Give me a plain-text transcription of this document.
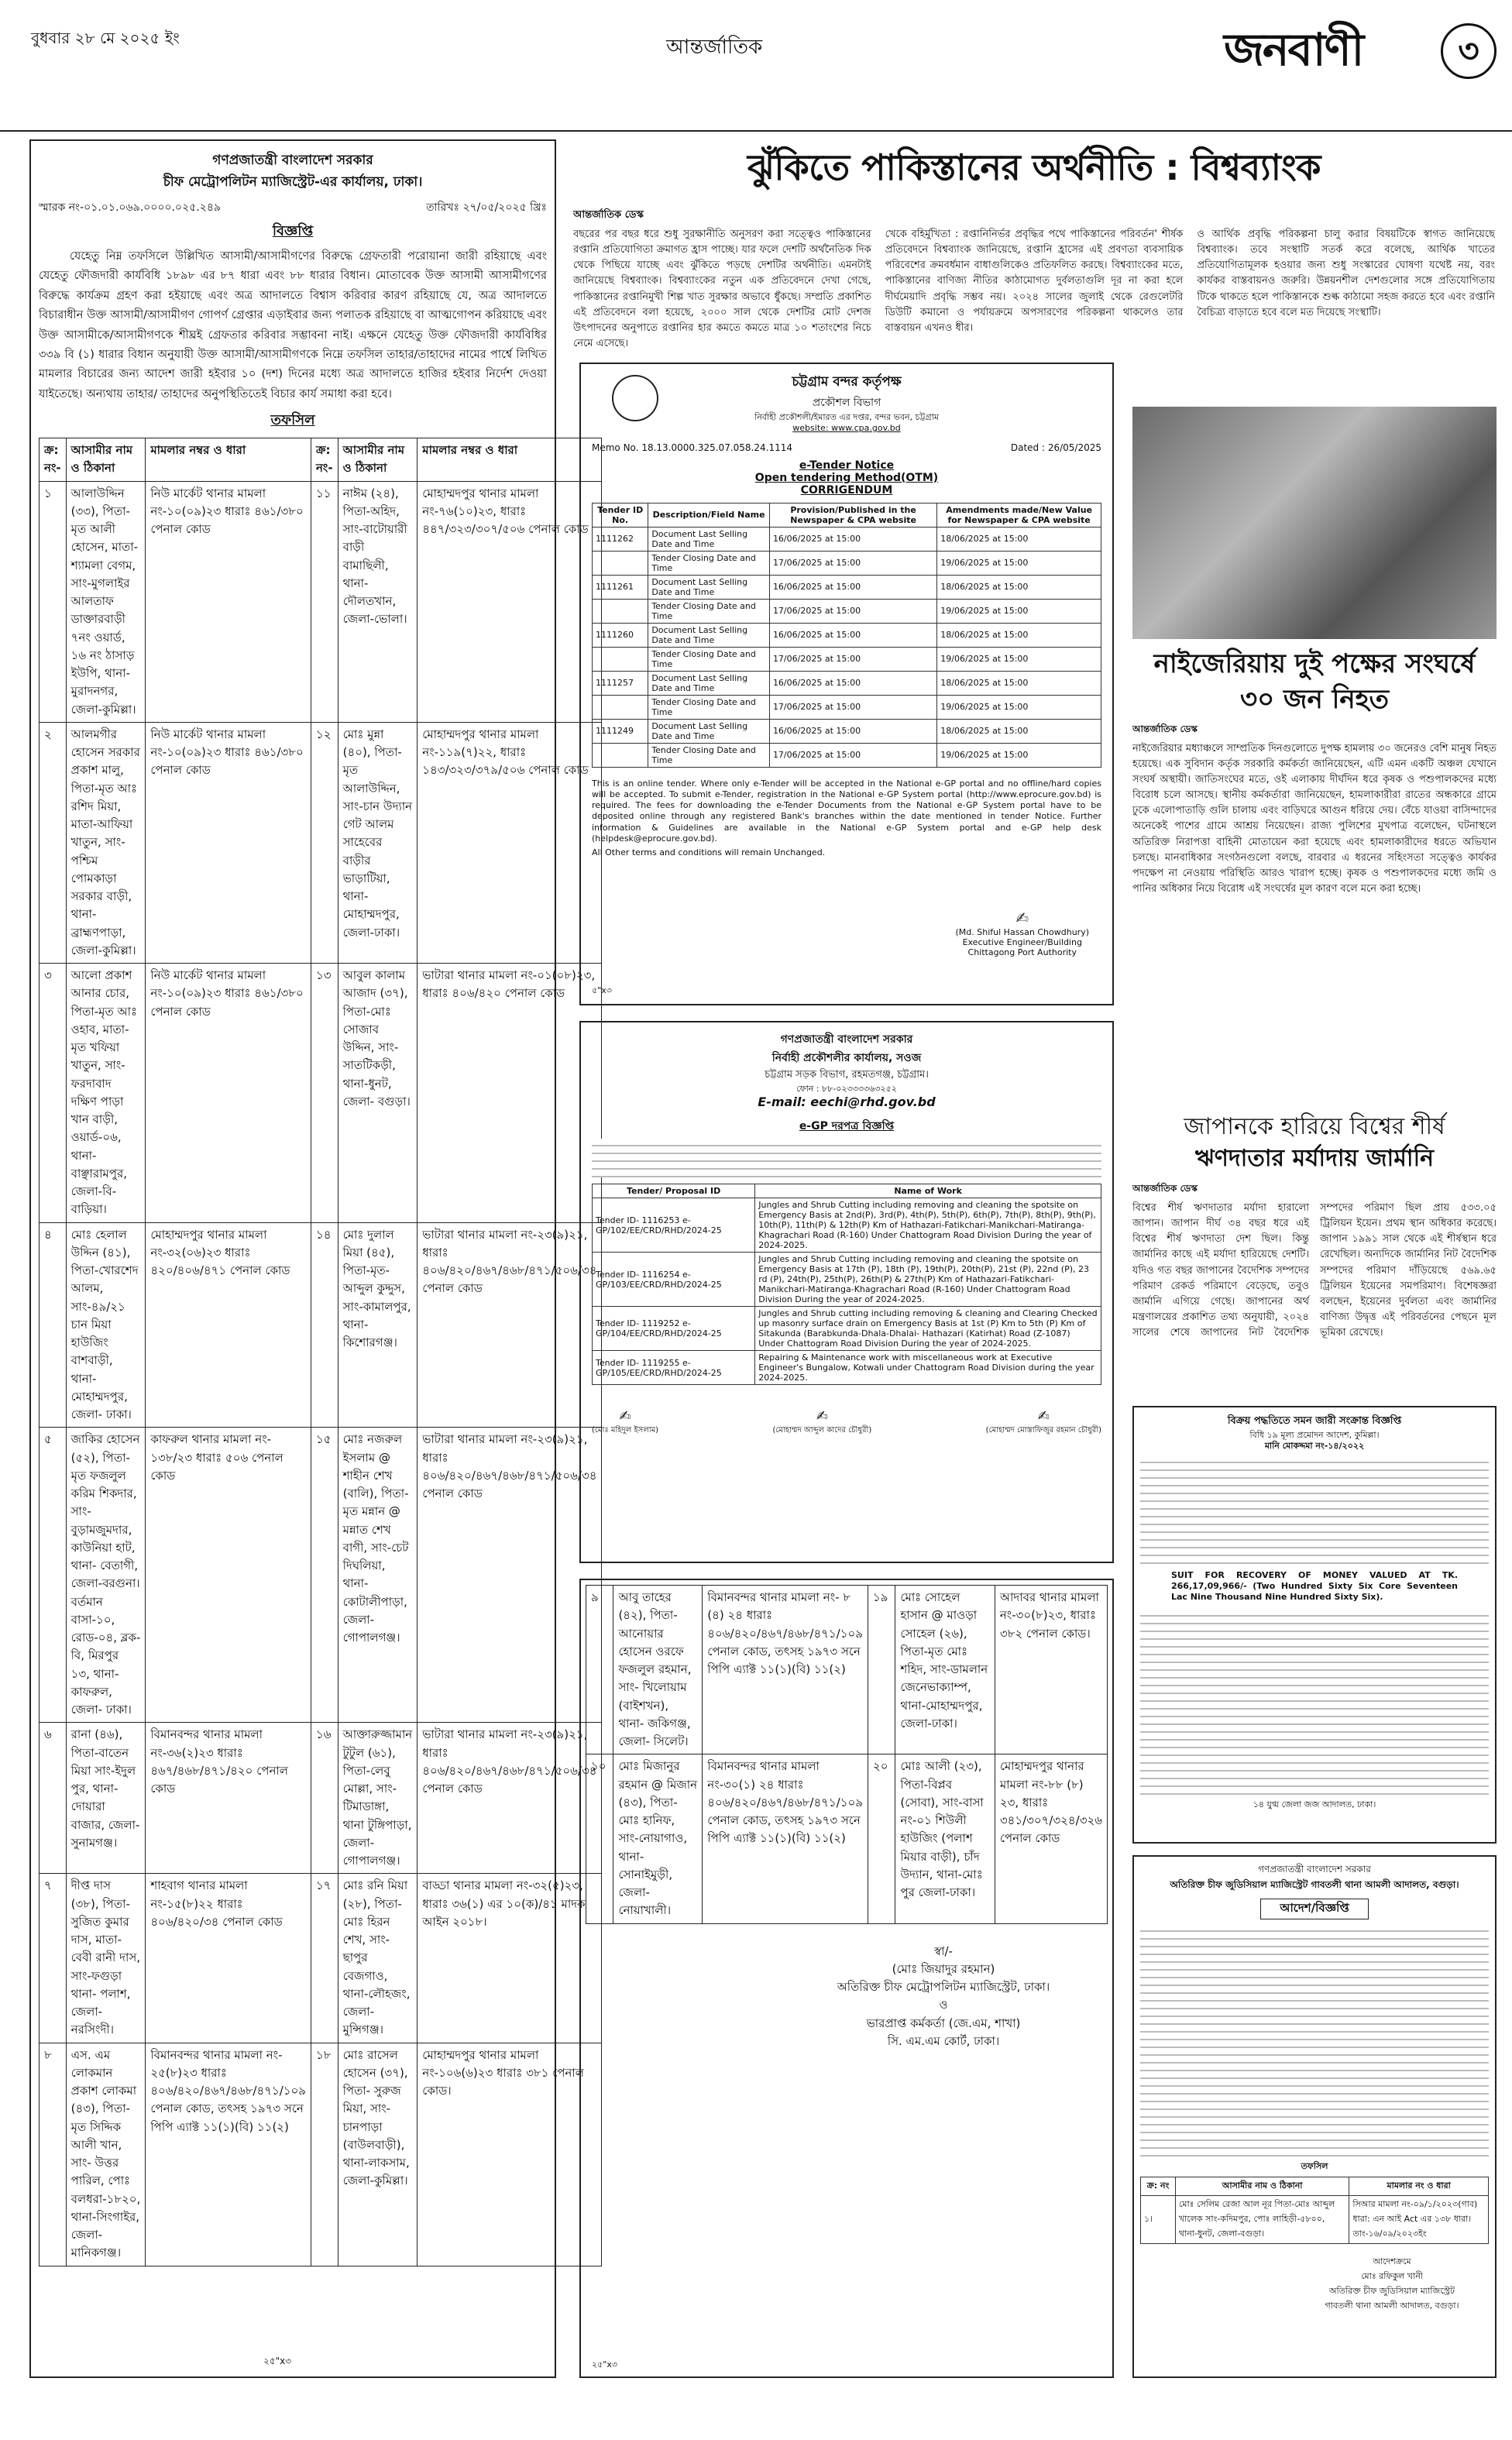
বুধবার ২৮ মে ২০২৫ ইং	আন্তর্জাতিক	জনবাণী	৩
গণপ্রজাতন্ত্রী বাংলাদেশ সরকার
চীফ মেট্রোপলিটন ম্যাজিস্ট্রেট-এর কার্যালয়, ঢাকা।
স্মারক নং-০১.০১.০৬৯.০০০০.০২৫.২৪৯	তারিখঃ ২৭/০৫/২০২৫ খ্রিঃ
বিজ্ঞপ্তি
যেহেতু নিম্ন তফসিলে উল্লিখিত আসামী/আসামীগণের বিরুদ্ধে গ্রেফতারী পরোয়ানা জারী রহিয়াছে এবং যেহেতু ফৌজদারী কার্যবিধি ১৮৯৮ এর ৮৭ ধারা এবং ৮৮ ধারার বিধান। মোতাবেক উক্ত আসামী আসামীগণের বিরুদ্ধে কার্যক্রম গ্রহণ করা হইয়াছে এবং অত্র আদালতে বিশ্বাস করিবার কারণ রহিয়াছে যে, অত্র আদালতে বিচারাধীন উক্ত আসামী/আসামীগণ গোপর্ণ গ্রেপ্তার এড়াইবার জন্য পলাতক রহিয়াছে বা আত্মগোপন করিয়াছে এবং উক্ত আসামীকে/আসামীগণকে শীঘ্রই গ্রেফতার করিবার সম্ভাবনা নাই। এক্ষনে যেহেতু উক্ত ফৌজদারী কার্যবিধির ৩৩৯ বি (১) ধারার বিধান অনুযায়ী উক্ত আসামী/আসামীগণকে নিম্নে তফসিল তাহার/তাহাদের নামের পার্শ্বে লিখিত মামলার বিচারের জন্য আদেশ জারী হইবার ১০ (দশ) দিনের মধ্যে অত্র আদালতে হাজির হইবার নির্দেশ দেওয়া যাইতেছে। অন্যথায় তাহার/ তাহাদের অনুপস্থিতিতেই বিচার কার্য সমাধা করা হবে।
তফসিল
ক্র: নং-	আসামীর নাম ও ঠিকানা	মামলার নম্বর ও ধারা	ক্র: নং-	আসামীর নাম ও ঠিকানা	মামলার নম্বর ও ধারা
১	আলাউদ্দিন (৩৩), পিতা-মৃত আলী হোসেন, মাতা-শ্যামলা বেগম, সাং-মুগলাইর আলতাফ ডাক্তারবাড়ী ৭নং ওয়ার্ড, ১৬ নং ঠাসাড় ইউপি, থানা-মুরাদনগর, জেলা-কুমিল্লা।	নিউ মার্কেট থানার মামলা নং-১০(০৯)২৩ ধারাঃ ৪৬১/৩৮০ পেনাল কোড	১১	নাঈম (২৪), পিতা-অহিদ, সাং-বাটোয়ারী বাড়ী বামাছিলী, থানা-দৌলতখান, জেলা-ভোলা।	মোহাম্মদপুর থানার মামলা নং-৭৬(১০)২৩, ধারাঃ ৪৪৭/৩২৩/৩০৭/৫০৬ পেনাল কোড
২	আলমগীর হোসেন সরকার প্রকাশ মালু, পিতা-মৃত আঃ রশিদ মিয়া, মাতা-আফিয়া খাতুন, সাং-পশ্চিম পোমকাড়া সরকার বাড়ী, থানা-ব্রাহ্মণপাড়া, জেলা-কুমিল্লা।	নিউ মার্কেট থানার মামলা নং-১০(০৯)২৩ ধারাঃ ৪৬১/৩৮০ পেনাল কোড	১২	মোঃ মুন্না (৪০), পিতা-মৃত আলাউদ্দিন, সাং-চান উদ্যান গেট আলম সাহেবের বাড়ীর ভাড়াটিয়া, থানা-মোহাম্মদপুর, জেলা-ঢাকা।	মোহাম্মদপুর থানার মামলা নং-১১৯(৭)২২, ধারাঃ ১৪৩/৩২৩/৩৭৯/৫০৬ পেনাল কোড
৩	আলো প্রকাশ আনার চোর, পিতা-মৃত আঃ ওহাব, মাতা-মৃত খফিয়া খাতুন, সাং-ফরদাবাদ দক্ষিণ পাড়া খান বাড়ী, ওয়ার্ড-০৬, থানা-বাঞ্ছারামপুর, জেলা-বি-বাড়িয়া।	নিউ মার্কেট থানার মামলা নং-১০(০৯)২৩ ধারাঃ ৪৬১/৩৮০ পেনাল কোড	১৩	আবুল কালাম আজাদ (৩৭), পিতা-মোঃ সোজাব উদ্দিন, সাং-সাতটিকড়ী, থানা-ধুনট, জেলা- বগুড়া।	ভাটারা থানার মামলা নং-০১(০৮)২৩, ধারাঃ ৪০৬/৪২০ পেনাল কোড
৪	মোঃ হেলাল উদ্দিন (৪১), পিতা-খোরশেদ আলম, সাং-৪৯/২১ চান মিয়া হাউজিং বাশবাড়ী, থানা-মোহাম্মদপুর, জেলা- ঢাকা।	মোহাম্মদপুর থানার মামলা নং-৩২(০৬)২৩ ধারাঃ ৪২০/৪০৬/৪৭১ পেনাল কোড	১৪	মোঃ দুলাল মিয়া (৪৫), পিতা-মৃত-আব্দুল কুদ্দুস, সাং-কামালপুর, থানা-কিশোরগঞ্জ।	ভাটারা থানার মামলা নং-২৩(৯)২১, ধারাঃ ৪০৬/৪২০/৪৬৭/৪৬৮/৪৭১/৫০৬/৩৪ পেনাল কোড
৫	জাকির হোসেন (৫২), পিতা-মৃত ফজলুল করিম শিকদার, সাং-বুড়ামজুমদার, কাউনিয়া হাট, থানা- বেতাগী, জেলা-বরগুনা। বর্তমান বাসা-১০, রোড-০৪, ব্লক-বি, মিরপুর ১৩, থানা-কাফরুল, জেলা- ঢাকা।	কাফরুল থানার মামলা নং- ১৩৮/২৩ ধারাঃ ৫০৬ পেনাল কোড	১৫	মোঃ নজরুল ইসলাম @ শাহীন শেখ (বালি), পিতা-মৃত মন্নান @ মন্নাত শেখ বাগী, সাং-চেট দিঘলিয়া, থানা-কোটালীপাড়া, জেলা-গোপালগঞ্জ।	ভাটারা থানার মামলা নং-২৩(৯)২১, ধারাঃ ৪০৬/৪২০/৪৬৭/৪৬৮/৪৭১/৫০৬/৩৪ পেনাল কোড
৬	রানা (৪৬), পিতা-বাতেন মিয়া সাং-ইদুল পুর, থানা-দোয়ারা বাজার, জেলা- সুনামগঞ্জ।	বিমানবন্দর থানার মামলা নং-৩৬(২)২৩ ধারাঃ ৪৬৭/৪৬৮/৪৭১/৪২০ পেনাল কোড	১৬	আক্তারুজ্জামান টুটুল (৬১), পিতা-লেবু মোল্লা, সাং-টিমাডাঙ্গা, থানা টুঙ্গিপাড়া, জেলা-গোপালগঞ্জ।	ভাটারা থানার মামলা নং-২৩(৯)২১, ধারাঃ ৪০৬/৪২০/৪৬৭/৪৬৮/৪৭১/৫০৬/৩৪ পেনাল কোড
৭	দীপ্ত দাস (৩৮), পিতা- সুজিত কুমার দাস, মাতা- বেবী রানী দাস, সাং-ফগুড়া থানা- পলাশ, জেলা- নরসিংদী।	শাহবাগ থানার মামলা নং-১৫(৮)২২ ধারাঃ ৪০৬/৪২০/৩৪ পেনাল কোড	১৭	মোঃ রনি মিয়া (২৮), পিতা-মোঃ হিরন শেখ, সাং-ছাপুর বেজগাও, থানা-লৌহজং, জেলা-মুন্সিগঞ্জ।	বাড্ডা থানার মামলা নং-৩২(৫)২৩, ধারাঃ ৩৬(১) এর ১০(ক)/৪১ মাদক আইন ২০১৮।
৮	এস. এম লোকমান প্রকাশ লোকমা (৪৩), পিতা- মৃত সিদ্দিক আলী খান, সাং- উত্তর পারিল, পোঃ বলধরা-১৮২০, থানা-সিংগাইর, জেলা-মানিকগঞ্জ।	বিমানবন্দর থানার মামলা নং- ২৫(৮)২৩ ধারাঃ ৪০৬/৪২০/৪৬৭/৪৬৮/৪৭১/১০৯ পেনাল কোড, তৎসহ ১৯৭৩ সনে পিপি এ্যাক্ট ১১(১)(বি) ১১(২)	১৮	মোঃ রাসেল হোসেন (৩৭), পিতা- সুরুজ মিয়া, সাং-চানপাড়া (বাউলবাড়ী), থানা-লাকসাম, জেলা-কুমিল্লা।	মোহাম্মদপুর থানার মামলা নং-১০৬(৬)২৩ ধারাঃ ৩৮১ পেনাল কোড।
২৫"x৩
ঝুঁকিতে পাকিস্তানের অর্থনীতি : বিশ্বব্যাংক
আন্তর্জাতিক ডেস্ক
বছরের পর বছর ধরে শুধু সুরক্ষানীতি অনুসরণ করা সত্ত্বেও পাকিস্তানের রপ্তানি প্রতিযোগিতা ক্রমাগত হ্রাস পাচ্ছে। যার ফলে দেশটি অর্থনৈতিক দিক থেকে পিছিয়ে যাচ্ছে এবং ঝুঁকিতে পড়ছে দেশটির অর্থনীতি। এমনটাই জানিয়েছে বিশ্বব্যাংক। বিশ্বব্যাংকের নতুন এক প্রতিবেদনে দেখা গেছে, পাকিস্তানের রপ্তানিমুখী শিল্প খাত সুরক্ষার অভাবে ধুঁকছে। সম্প্রতি প্রকাশিত এই প্রতিবেদনে বলা হয়েছে, ২০০০ সাল থেকে দেশটির মোট দেশজ উৎপাদনের অনুপাতে রপ্তানির হার কমতে কমতে মাত্র ১০ শতাংশের নিচে নেমে এসেছে।
খেকে বহির্মুখিতা : রপ্তানিনির্ভর প্রবৃদ্ধির পথে পাকিস্তানের পরিবর্তন' শীর্ষক প্রতিবেদনে বিশ্বব্যাংক জানিয়েছে, রপ্তানি হ্রাসের এই প্রবণতা ব্যবসায়িক পরিবেশের ক্রমবর্ধমান বাধাগুলিকেও প্রতিফলিত করছে। বিশ্বব্যাংকের মতে, পাকিস্তানের বাণিজ্য নীতির কাঠামোগত দুর্বলতাগুলি দূর না করা হলে দীর্ঘমেয়াদি প্রবৃদ্ধি সম্ভব নয়। ২০২৪ সালের জুলাই থেকে রেগুলেটরি ডিউটি কমানো ও পর্যায়ক্রমে অপসারণের পরিকল্পনা থাকলেও তার বাস্তবায়ন এখনও ধীর।
ও আর্থিক প্রবৃদ্ধি পরিকল্পনা চালু করার বিষয়টিকে স্বাগত জানিয়েছে বিশ্বব্যাংক। তবে সংস্থাটি সতর্ক করে বলেছে, আর্থিক খাতের প্রতিযোগিতামূলক হওয়ার জন্য শুধু সংস্কারের ঘোষণা যথেষ্ট নয়, বরং কার্যকর বাস্তবায়নও জরুরি। উন্নয়নশীল দেশগুলোর সঙ্গে প্রতিযোগিতায় টিকে থাকতে হলে পাকিস্তানকে শুল্ক কাঠামো সহজ করতে হবে এবং রপ্তানি বৈচিত্র্য বাড়াতে হবে বলে মত দিয়েছে সংস্থাটি।
চট্টগ্রাম বন্দর কর্তৃপক্ষ
প্রকৌশল বিভাগ
নির্বাহী প্রকৌশলী/ইমারত এর দপ্তর, বন্দর ভবন, চট্টগ্রাম
website: www.cpa.gov.bd
Memo No. 18.13.0000.325.07.058.24.1114	Dated : 26/05/2025
e-Tender Notice
Open tendering Method(OTM)
CORRIGENDUM
Tender ID No.	Description/Field Name	Provision/Published in the Newspaper & CPA website	Amendments made/New Value for Newspaper & CPA website
1111262	Document Last Selling Date and Time	16/06/2025 at 15:00	18/06/2025 at 15:00
	Tender Closing Date and Time	17/06/2025 at 15:00	19/06/2025 at 15:00
1111261	Document Last Selling Date and Time	16/06/2025 at 15:00	18/06/2025 at 15:00
	Tender Closing Date and Time	17/06/2025 at 15:00	19/06/2025 at 15:00
1111260	Document Last Selling Date and Time	16/06/2025 at 15:00	18/06/2025 at 15:00
	Tender Closing Date and Time	17/06/2025 at 15:00	19/06/2025 at 15:00
1111257	Document Last Selling Date and Time	16/06/2025 at 15:00	18/06/2025 at 15:00
	Tender Closing Date and Time	17/06/2025 at 15:00	19/06/2025 at 15:00
1111249	Document Last Selling Date and Time	16/06/2025 at 15:00	18/06/2025 at 15:00
	Tender Closing Date and Time	17/06/2025 at 15:00	19/06/2025 at 15:00
This is an online tender. Where only e-Tender will be accepted in the National e-GP portal and no offline/hard copies will be accepted. To submit e-Tender, registration in the National e-GP System portal (http://www.eprocure.gov.bd) is required. The fees for downloading the e-Tender Documents from the National e-GP System portal have to be deposited online through any registered Bank's branches within the date mentioned in tender Notice. Further information & Guidelines are available in the National e-GP System portal and e-GP help desk (helpdesk@eprocure.gov.bd).
All Other terms and conditions will remain Unchanged.
✍
(Md. Shiful Hassan Chowdhury)
Executive Engineer/Building
Chittagong Port Authority
৫"x৩
নাইজেরিয়ায় দুই পক্ষের সংঘর্ষে ৩০ জন নিহত
আন্তর্জাতিক ডেস্ক
নাইজেরিয়ার মধ্যাঞ্চলে সাম্প্রতিক দিনগুলোতে দুপক্ষ হামলায় ৩০ জনেরও বেশি মানুষ নিহত হয়েছে। এক সুবিদান কর্তৃক সরকারি কর্মকর্তা জানিয়েছেন, এটি এমন একটি অঞ্চল যেখানে সংঘর্ষ অস্থায়ী। জাতিসংঘের মতে, ওই এলাকায় দীর্ঘদিন ধরে কৃষক ও পশুপালকদের মধ্যে বিরোধ চলে আসছে। স্থানীয় কর্মকর্তারা জানিয়েছেন, হামলাকারীরা রাতের অন্ধকারে গ্রামে ঢুকে এলোপাতাড়ি গুলি চালায় এবং বাড়িঘরে আগুন ধরিয়ে দেয়। বেঁচে যাওয়া বাসিন্দাদের অনেকেই পাশের গ্রামে আশ্রয় নিয়েছেন। রাজ্য পুলিশের মুখপাত্র বলেছেন, ঘটনাস্থলে অতিরিক্ত নিরাপত্তা বাহিনী মোতায়েন করা হয়েছে এবং হামলাকারীদের ধরতে অভিযান চলছে। মানবাধিকার সংগঠনগুলো বলছে, বারবার এ ধরনের সহিংসতা সত্ত্বেও কার্যকর পদক্ষেপ না নেওয়ায় পরিস্থিতি আরও খারাপ হচ্ছে। কৃষক ও পশুপালকদের মধ্যে জমি ও পানির অধিকার নিয়ে বিরোধ এই সংঘর্ষের মূল কারণ বলে মনে করা হচ্ছে।
জাপানকে হারিয়ে বিশ্বের শীর্ষ
ঋণদাতার মর্যাদায় জার্মানি
আন্তর্জাতিক ডেস্ক
বিশ্বের শীর্ষ ঋণদাতার মর্যাদা হারালো জাপান। জাপান দীর্ঘ ৩৪ বছর ধরে এই বিশ্বের শীর্ষ ঋণদাতা দেশ ছিল। কিন্তু জার্মানির কাছে এই মর্যাদা হারিয়েছে দেশটি। যদিও গত বছর জাপানের বৈদেশিক সম্পদের পরিমাণ রেকর্ড পরিমাণে বেড়েছে, তবুও জার্মানি এগিয়ে গেছে। জাপানের অর্থ মন্ত্রণালয়ের প্রকাশিত তথ্য অনুযায়ী, ২০২৪ সালের শেষে জাপানের নিট বৈদেশিক সম্পদের পরিমাণ ছিল প্রায় ৫৩৩.০৫ ট্রিলিয়ন ইয়েন। প্রথম স্থান অধিকার করেছে। জাপান ১৯৯১ সাল থেকে এই শীর্ষস্থান ধরে রেখেছিল। অন্যদিকে জার্মানির নিট বৈদেশিক সম্পদের পরিমাণ দাঁড়িয়েছে ৫৬৯.৬৫ ট্রিলিয়ন ইয়েনের সমপরিমাণ। বিশেষজ্ঞরা বলছেন, ইয়েনের দুর্বলতা এবং জার্মানির বাণিজ্য উদ্বৃত্ত এই পরিবর্তনের পেছনে মূল ভূমিকা রেখেছে।
গণপ্রজাতন্ত্রী বাংলাদেশ সরকার
নির্বাহী প্রকৌশলীর কার্যালয়, সওজ
চট্টগ্রাম সড়ক বিভাগ, রহমতগঞ্জ, চট্টগ্রাম।
ফোন : ৮৮-০২৩৩৩৩৬৩২৫২
E-mail: eechi@rhd.gov.bd
e-GP দরপত্র বিজ্ঞপ্তি
Tender/ Proposal ID	Name of Work
Tender ID- 1116253 e-GP/102/EE/CRD/RHD/2024-25	Jungles and Shrub Cutting including removing and cleaning the spotsite on Emergency Basis at 2nd(P), 3rd(P), 4th(P), 5th(P), 6th(P), 7th(P), 8th(P), 9th(P), 10th(P), 11th(P) & 12th(P) Km of Hathazari-Fatikchari-Manikchari-Matiranga-Khagrachari Road (R-160) Under Chattogram Road Division During the year of 2024-2025.
Tender ID- 1116254 e-GP/103/EE/CRD/RHD/2024-25	Jungles and Shrub Cutting including removing and cleaning the spotsite on Emergency Basis at 17th (P), 18th (P), 19th(P), 20th(P), 21st (P), 22nd (P), 23 rd (P), 24th(P), 25th(P), 26th(P) & 27th(P) Km of Hathazari-Fatikchari-Manikchari-Matiranga-Khagrachari Road (R-160) Under Chattogram Road Division During the year of 2024-2025.
Tender ID- 1119252 e-GP/104/EE/CRD/RHD/2024-25	Jungles and Shrub cutting including removing & cleaning and Clearing Checked up masonry surface drain on Emergency Basis at 1st (P) Km to 5th (P) Km of Sitakunda (Barabkunda-Dhala-Dhalai- Hathazari (Katirhat) Road (Z-1087) Under Chattogram Road Division During the year of 2024-2025.
Tender ID- 1119255 e-GP/105/EE/CRD/RHD/2024-25	Repairing & Maintenance work with miscellaneous work at Executive Engineer's Bungalow, Kotwali under Chattogram Road Division during the year 2024-2025.
✍
(মোঃ মহিদুল ইসলাম)
✍
(মোহাম্মদ আব্দুল কাদের চৌধুরী)
✍
(মোহাম্মদ মোস্তাফিজুর রহমান চৌধুরী)
৯	আবু তাহের (৪২), পিতা- আনোয়ার হোসেন ওরফে ফজলুল রহমান, সাং- খিলোয়াম (বাইশখন), থানা- জকিগঞ্জ, জেলা- সিলেট।	বিমানবন্দর থানার মামলা নং- ৮ (৪) ২৪ ধারাঃ ৪০৬/৪২০/৪৬৭/৪৬৮/৪৭১/১০৯ পেনাল কোড, তৎসহ ১৯৭৩ সনে পিপি এ্যাক্ট ১১(১)(বি) ১১(২)	১৯	মোঃ সোহেল হাসান @ মাওড়া সোহেল (২৬), পিতা-মৃত মোঃ শহিদ, সাং-ডামলান জেনেভাক্যাম্প, থানা-মোহাম্মদপুর, জেলা-ঢাকা।	আদাবর থানার মামলা নং-৩০(৮)২৩, ধারাঃ ৩৮২ পেনাল কোড।
১০	মোঃ মিজানুর রহমান @ মিজান (৪৩), পিতা-মোঃ হানিফ, সাং-নোয়াগাও, থানা-সোনাইমুড়ী, জেলা-নোয়াখালী।	বিমানবন্দর থানার মামলা নং-৩০(১) ২৪ ধারাঃ ৪০৬/৪২০/৪৬৭/৪৬৮/৪৭১/১০৯ পেনাল কোড, তৎসহ ১৯৭৩ সনে পিপি এ্যাক্ট ১১(১)(বি) ১১(২)	২০	মোঃ আলী (২৩), পিতা-বিপ্লব (সোবা), সাং-বাসা নং-০১ শিউলী হাউজিং (পলাশ মিয়ার বাড়ী), চাঁদ উদ্যান, থানা-মোঃ পুর জেলা-ঢাকা।	মোহাম্মদপুর থানার মামলা নং-৮৮ (৮) ২৩, ধারাঃ ৩৪১/৩০৭/৩২৪/৩২৬ পেনাল কোড
স্বা/-
(মোঃ জিয়াদুর রহমান)
অতিরিক্ত চীফ মেট্রোপলিটন ম্যাজিস্ট্রেট, ঢাকা।
ও
ভারপ্রাপ্ত কর্মকর্তা (জে.এম, শাখা)
সি. এম.এম কোর্ট, ঢাকা।
২৫"x৩
বিক্রয় পদ্ধতিতে সমন জারী সংক্রান্ত বিজ্ঞপ্তি
বিধি ১৯ মূল্য প্রমোদন আদেশ, কুমিল্লা।
মানি মোকদ্দমা নং-১৪/২০২২
SUIT FOR RECOVERY OF MONEY VALUED AT TK. 266,17,09,966/- (Two Hundred Sixty Six Core Seventeen Lac Nine Thousand Nine Hundred Sixty Six).
১৪ যুগ্ম জেলা জজ আদালত, ঢাকা।
গণপ্রজাতন্ত্রী বাংলাদেশ সরকার
অতিরিক্ত চীফ জুডিসিয়াল ম্যাজিস্ট্রেট গাবতলী থানা আমলী আদালত, বগুড়া।
আদেশ/বিজ্ঞপ্তি
তফসিল
ক্র: নং	আসামীর নাম ও ঠিকানা	মামলার নং ও ধারা
১।	মোঃ সেলিম রেজা আল নূর পিতা-মোঃ আব্দুল খালেক সাং-কদিমপুর, পোঃ লাহিড়ী-৫৮০০, থানা-ধুনট, জেলা-বগুড়া।	সিআর মামলা নং-০৯/১/২০২৩(গাব) ধারা: এন আই Act এর ১৩৮ ধারা। তাং-১৬/০৯/২০২৩ইং
আদেশক্রমে
মোঃ রফিকুল খানী
অতিরিক্ত চীফ জুডিসিয়াল ম্যাজিস্ট্রেট
গাবতলী থানা আমলী আদালত, বগুড়া।
